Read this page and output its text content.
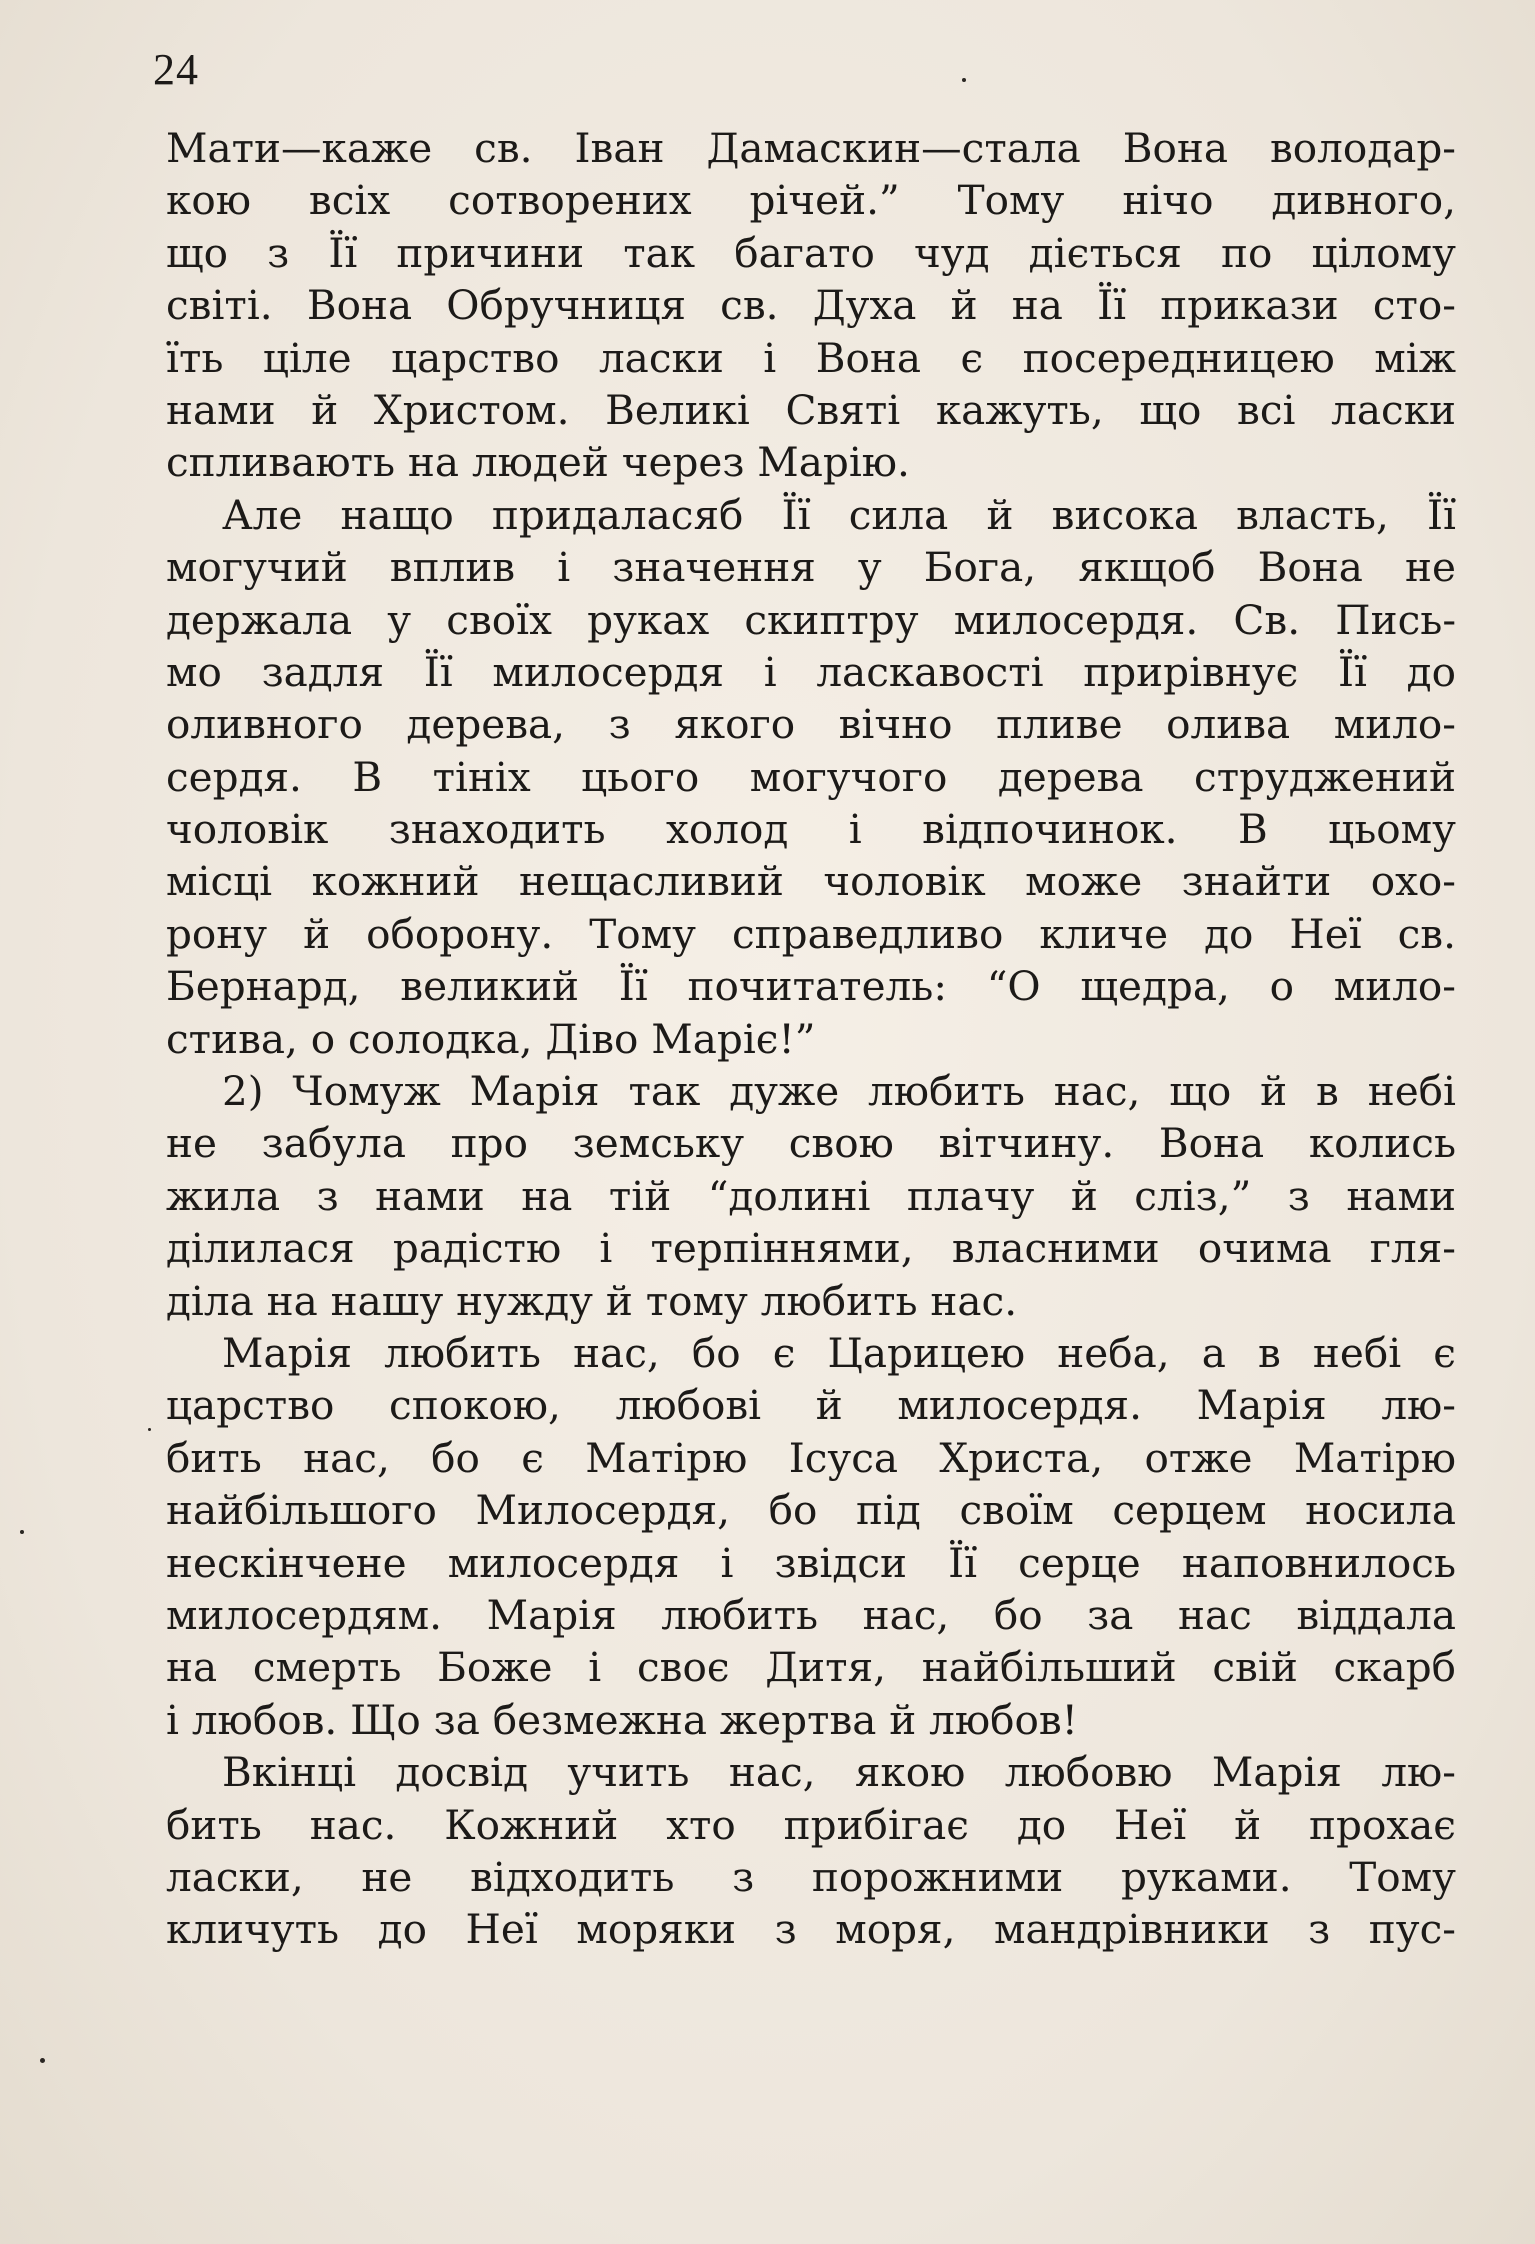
24
Мати—каже св. Іван Дамаскин—стала Вона володар-
кою всіх сотворених річей.” Тому нічо дивного,
що з Її причини так багато чуд діється по цілому
світі. Вона Обручниця св. Духа й на Її прикази сто-
їть ціле царство ласки і Вона є посередницею між
нами й Христом. Великі Святі кажуть, що всі ласки
спливають на людей через Марію.
Але нащо придаласяб Її сила й висока власть, Її
могучий вплив і значення у Бога, якщоб Вона не
держала у своїх руках скиптру милосердя. Св. Пись-
мо задля Її милосердя і ласкавості прирівнує Її до
оливного дерева, з якого вічно пливе олива мило-
сердя. В тініх цього могучого дерева струджений
чоловік знаходить холод і відпочинок. В цьому
місці кожний нещасливий чоловік може знайти охо-
рону й оборону. Тому справедливо кличе до Неї св.
Бернард, великий Її почитатель: “О щедра, о мило-
стива, о солодка, Діво Маріє!”
2) Чомуж Марія так дуже любить нас, що й в небі
не забула про земську свою вітчину. Вона колись
жила з нами на тій “долині плачу й сліз,” з нами
ділилася радістю і терпіннями, власними очима гля-
діла на нашу нужду й тому любить нас.
Марія любить нас, бо є Царицею неба, а в небі є
царство спокою, любові й милосердя. Марія лю-
бить нас, бо є Матірю Ісуса Христа, отже Матірю
найбільшого Милосердя, бо під своїм серцем носила
нескінчене милосердя і звідси Її серце наповнилось
милосердям. Марія любить нас, бо за нас віддала
на смерть Боже і своє Дитя, найбільший свій скарб
і любов. Що за безмежна жертва й любов!
Вкінці досвід учить нас, якою любовю Марія лю-
бить нас. Кожний хто прибігає до Неї й прохає
ласки, не відходить з порожними руками. Тому
кличуть до Неї моряки з моря, мандрівники з пус-
